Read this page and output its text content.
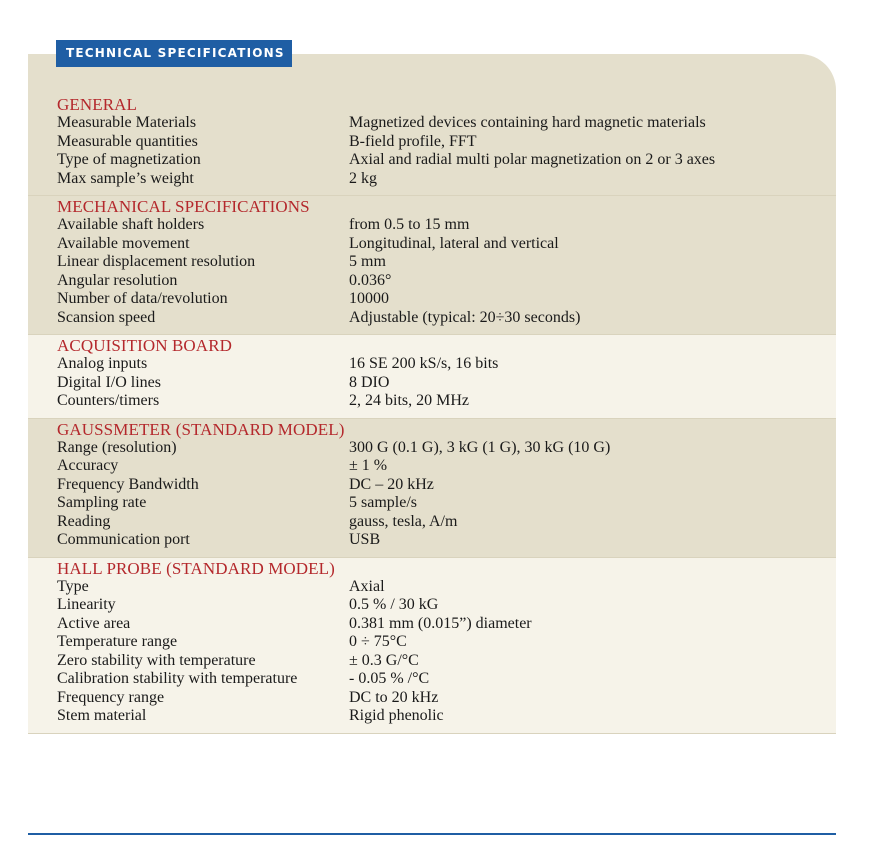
TECHNICAL SPECIFICATIONS
GENERAL
Measurable Materials	Magnetized devices containing hard magnetic materials
Measurable quantities	B-field profile, FFT
Type of magnetization	Axial and radial multi polar magnetization on 2 or 3 axes
Max sample’s weight	2 kg
MECHANICAL SPECIFICATIONS
Available shaft holders	from 0.5 to 15 mm
Available movement	Longitudinal, lateral and vertical
Linear displacement resolution	5 mm
Angular resolution	0.036°
Number of data/revolution	10000
Scansion speed	Adjustable (typical: 20÷30 seconds)
ACQUISITION BOARD
Analog inputs	16 SE 200 kS/s, 16 bits
Digital I/O lines	8 DIO
Counters/timers	2, 24 bits, 20 MHz
GAUSSMETER (STANDARD MODEL)
Range (resolution)	300 G (0.1 G), 3 kG (1 G), 30 kG (10 G)
Accuracy	± 1 %
Frequency Bandwidth	DC – 20 kHz
Sampling rate	5 sample/s
Reading	gauss, tesla, A/m
Communication port	USB
HALL PROBE (STANDARD MODEL)
Type	Axial
Linearity	0.5 % / 30 kG
Active area	0.381 mm (0.015”) diameter
Temperature range	0 ÷ 75°C
Zero stability with temperature	± 0.3 G/°C
Calibration stability with temperature	- 0.05 % /°C
Frequency range	DC to 20 kHz
Stem material	Rigid phenolic
